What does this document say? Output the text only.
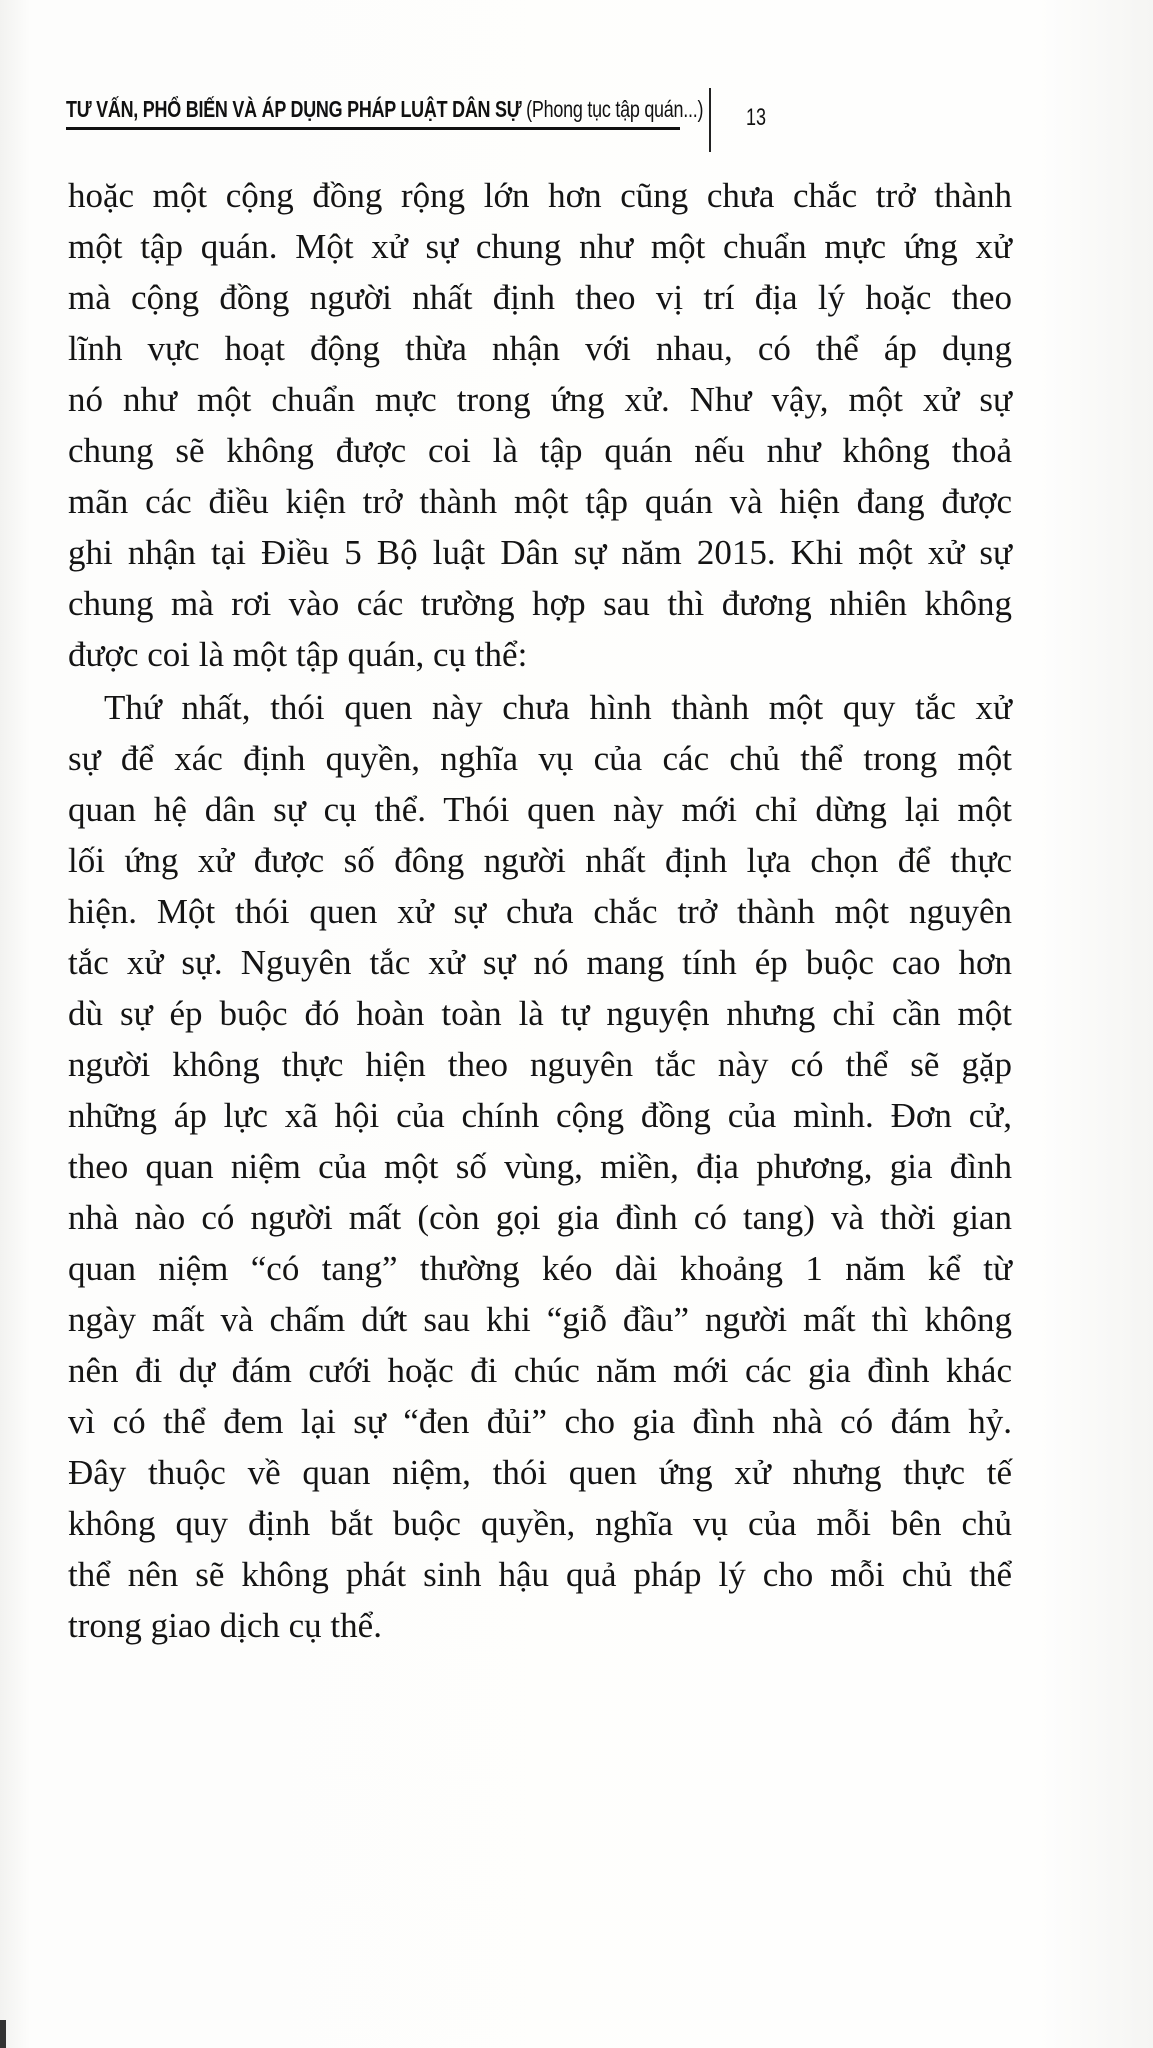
TƯ VẤN, PHỔ BIẾN VÀ ÁP DỤNG PHÁP LUẬT DÂN SỰ (Phong tục tập quán...) 13
hoặc một cộng đồng rộng lớn hơn cũng chưa chắc trở thành
một tập quán. Một xử sự chung như một chuẩn mực ứng xử
mà cộng đồng người nhất định theo vị trí địa lý hoặc theo
lĩnh vực hoạt động thừa nhận với nhau, có thể áp dụng
nó như một chuẩn mực trong ứng xử. Như vậy, một xử sự
chung sẽ không được coi là tập quán nếu như không thoả
mãn các điều kiện trở thành một tập quán và hiện đang được
ghi nhận tại Điều 5 Bộ luật Dân sự năm 2015. Khi một xử sự
chung mà rơi vào các trường hợp sau thì đương nhiên không
được coi là một tập quán, cụ thể:
Thứ nhất, thói quen này chưa hình thành một quy tắc xử
sự để xác định quyền, nghĩa vụ của các chủ thể trong một
quan hệ dân sự cụ thể. Thói quen này mới chỉ dừng lại một
lối ứng xử được số đông người nhất định lựa chọn để thực
hiện. Một thói quen xử sự chưa chắc trở thành một nguyên
tắc xử sự. Nguyên tắc xử sự nó mang tính ép buộc cao hơn
dù sự ép buộc đó hoàn toàn là tự nguyện nhưng chỉ cần một
người không thực hiện theo nguyên tắc này có thể sẽ gặp
những áp lực xã hội của chính cộng đồng của mình. Đơn cử,
theo quan niệm của một số vùng, miền, địa phương, gia đình
nhà nào có người mất (còn gọi gia đình có tang) và thời gian
quan niệm “có tang” thường kéo dài khoảng 1 năm kể từ
ngày mất và chấm dứt sau khi “giỗ đầu” người mất thì không
nên đi dự đám cưới hoặc đi chúc năm mới các gia đình khác
vì có thể đem lại sự “đen đủi” cho gia đình nhà có đám hỷ.
Đây thuộc về quan niệm, thói quen ứng xử nhưng thực tế
không quy định bắt buộc quyền, nghĩa vụ của mỗi bên chủ
thể nên sẽ không phát sinh hậu quả pháp lý cho mỗi chủ thể
trong giao dịch cụ thể.
